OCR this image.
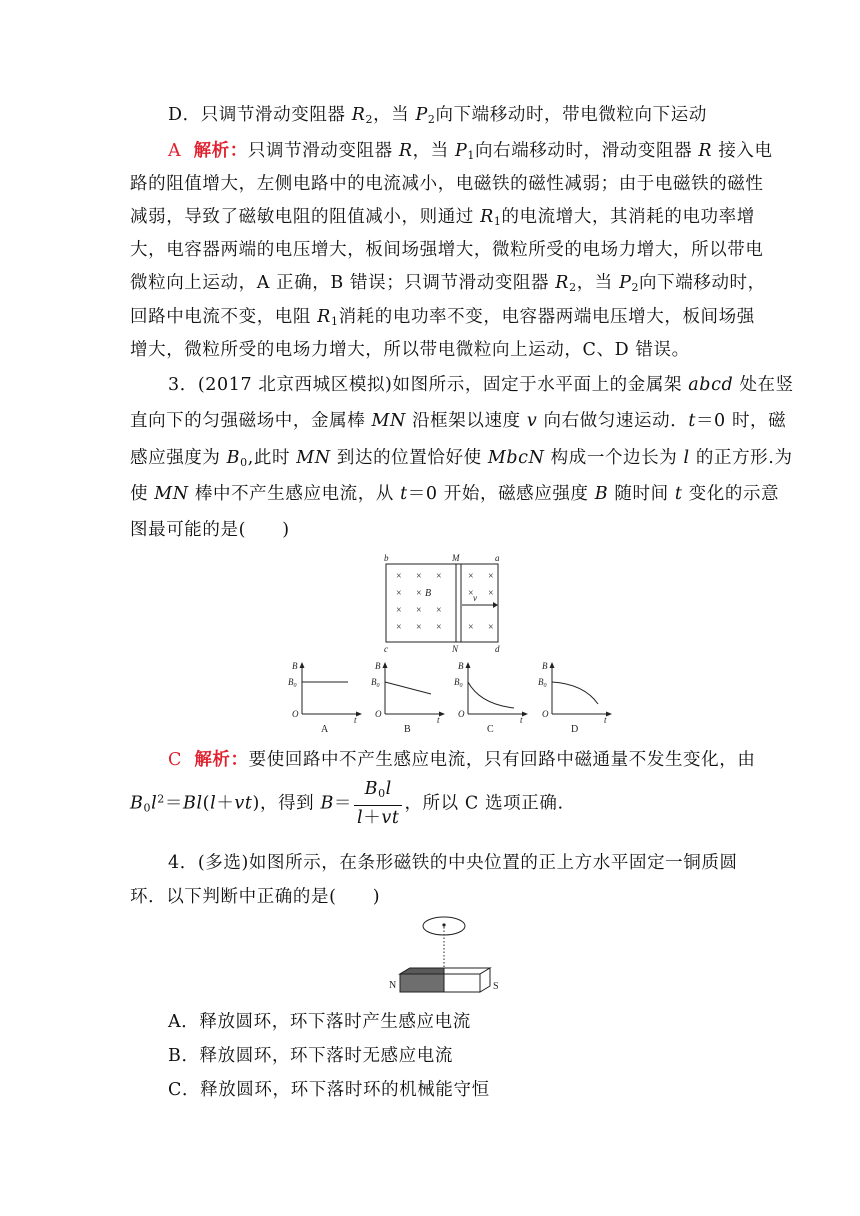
D．只调节滑动变阻器 $R_2$，当 $P_2$向下端移动时，带电微粒向下运动
A 解析：只调节滑动变阻器 R，当 $P_1$向右端移动时，滑动变阻器 R 接入电
路的阻值增大，左侧电路中的电流减小，电磁铁的磁性减弱；由于电磁铁的磁性
减弱，导致了磁敏电阻的阻值减小，则通过 $R_1$的电流增大，其消耗的电功率增
大，电容器两端的电压增大，板间场强增大，微粒所受的电场力增大，所以带电
微粒向上运动，A 正确，B 错误；只调节滑动变阻器 $R_2$，当 $P_2$向下端移动时，
回路中电流不变，电阻 $R_1$消耗的电功率不变，电容器两端电压增大，板间场强
增大，微粒所受的电场力增大，所以带电微粒向上运动，C、D 错误。
3．(2017 北京西城区模拟)如图所示，固定于水平面上的金属架 abcd 处在竖
直向下的匀强磁场中，金属棒 MN 沿框架以速度 v 向右做匀速运动．t＝0 时，磁
感应强度为 $B_0$,此时 MN 到达的位置恰好使 MbcN 构成一个边长为 l 的正方形.为
使 MN 棒中不产生感应电流，从 t＝0 开始，磁感应强度 B 随时间 t 变化的示意
图最可能的是(　　)
b	M	a
c	N	d
× × ×	× ×
× ×	× ×
× × ×
× × ×	× ×
B	v
B
$B_0$
O
t
A
B
$B_0$
O
t
B
B
$B_0$
O
t
C
B
$B_0$
O
t
D
C 解析：要使回路中不产生感应电流，只有回路中磁通量不发生变化，由
$B_0l^2=Bl(l+vt)$，得到 $B= \frac{B_0l}{l+vt}$ ，所以 C 选项正确.
4．(多选)如图所示，在条形磁铁的中央位置的正上方水平固定一铜质圆
环．以下判断中正确的是(　　)
N	S
A．释放圆环，环下落时产生感应电流
B．释放圆环，环下落时无感应电流
C．释放圆环，环下落时环的机械能守恒
